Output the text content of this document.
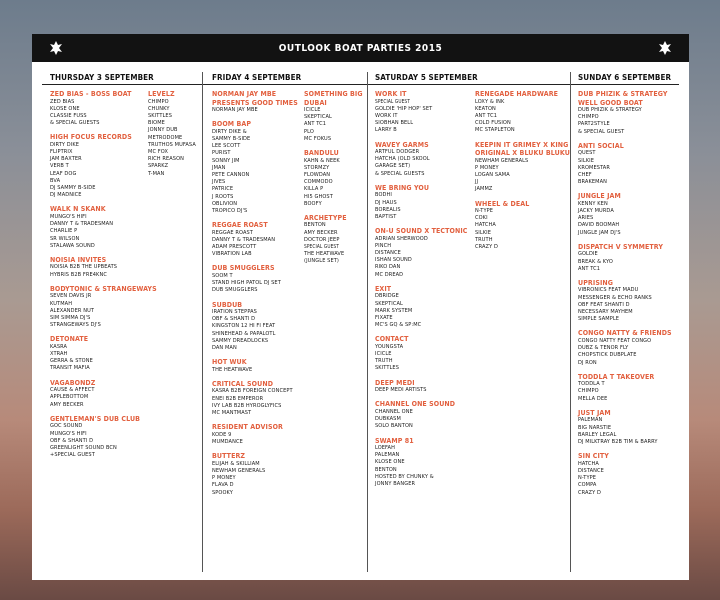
OUTLOOK BOAT PARTIES 2015
THURSDAY 3 SEPTEMBER	FRIDAY 4 SEPTEMBER	SATURDAY 5 SEPTEMBER	SUNDAY 6 SEPTEMBER
ZED BIAS - BOSS BOAT
ZED BIAS
KLOSE ONE
CLASSIE FUSS
& SPECIAL GUESTS
HIGH FOCUS RECORDS
DIRTY DIKE
FLIPTRIX
JAM BAXTER
VERB T
LEAF DOG
BVA
DJ SAMMY B-SIDE
DJ MADNICE
WALK N SKANK
MUNGO'S HIFI
DANNY T & TRADESMAN
CHARLIE P
SR WILSON
STALAWA SOUND
NOISIA INVITES
NOISIA B2B THE UPBEATS
HYBRIS B2B FRE4KNC
BODYTONIC & STRANGEWAYS
SEVEN DAVIS JR
KUTMAH
ALEXANDER NUT
SIM SIMMA DJ'S
STRANGEWAYS DJ'S
DETONATE
KASRA
XTRAH
GERRA & STONE
TRANSIT MAFIA
VAGABONDZ
CAUSE & AFFECT
APPLEBOTTOM
AMY BECKER
GENTLEMAN'S DUB CLUB
GOC SOUND
MUNGO'S HIFI
OBF & SHANTI D
GREENLIGHT SOUND BCN
+SPECIAL GUEST
LEVELZ
CHIMPO
CHUNKY
SKITTLES
BIOME
JONNY DUB
METRODOME
TRUTHOS MUFASA
MC FOX
RICH REASON
SPARKZ
T-MAN
NORMAN JAY MBE
PRESENTS GOOD TIMES
NORMAN JAY MBE
BOOM BAP
DIRTY DIKE &
SAMMY B-SIDE
LEE SCOTT
PURIST
SONNY JIM
JMAN
PETE CANNON
JIVES
PATRICE
J ROOTS
OBLIVION
TROPICO DJ'S
REGGAE ROAST
REGGAE ROAST
DANNY T & TRADESMAN
ADAM PRESCOTT
VIBRATION LAB
DUB SMUGGLERS
SOOM T
STAND HIGH PATOL DJ SET
DUB SMUGGLERS
SUBDUB
IRATION STEPPAS
OBF & SHANTI D
KINGSTON 12 HI FI FEAT
SHINEHEAD & PAPALOTL
SAMMY DREADLOCKS
DAN MAN
HOT WUK
THE HEATWAVE
CRITICAL SOUND
KASRA B2B FOREIGN CONCEPT
ENEI B2B EMPEROR
IVY LAB B2B HYROGLYFICS
MC MANTMAST
RESIDENT ADVISOR
KODE 9
MUMDANCE
BUTTERZ
ELIJAH & SKILLIAM
NEWHAM GENERALS
P MONEY
FLAVA D
SPOOKY
SOMETHING BIG
DUBAI
ICICLE
SKEPTICAL
ANT TC1
PLO
MC FOKUS
BANDULU
KAHN & NEEK
STORMZY
FLOWDAN
COMMODO
KILLA P
HI5 GHOST
BOOFY
ARCHETYPE
BENTON
AMY BECKER
DOCTOR JEEP
SPECIAL GUEST
THE HEATWAVE
(JUNGLE SET)
WORK IT
SPECIAL GUEST
GOLDIE 'HIP HOP' SET
WORK IT
SIOBHAN BELL
LARRY B
WAVEY GARMS
ARTFUL DODGER
HATCHA (OLD SKOOL
GARAGE SET)
& SPECIAL GUESTS
WE BRING YOU
BODHI
DJ HAUS
BOREALIS
BAPTIST
ON-U SOUND X TECTONIC
ADRIAN SHERWOOD
PINCH
DISTANCE
ISHAN SOUND
RIKO DAN
MC DREAD
EXIT
DBRIDGE
SKEPTICAL
MARK SYSTEM
FIXATE
MC'S GQ & SP:MC
CONTACT
YOUNGSTA
ICICLE
TRUTH
SKITTLES
DEEP MEDI
DEEP MEDI ARTISTS
CHANNEL ONE SOUND
CHANNEL ONE
DUBKASM
SOLO BANTON
SWAMP 81
LOEFAH
PALEMAN
KLOSE ONE
BENTON
HOSTED BY CHUNKY &
JONNY BANGER
RENEGADE HARDWARE
LOXY & INK
KEATON
ANT TC1
COLD FUSION
MC STAPLETON
KEEPIN IT GRIMEY X KING
ORIGINAL X BLUKU BLUKU
NEWHAM GENERALS
P MONEY
LOGAN SAMA
JJ
JAMMZ
WHEEL & DEAL
N-TYPE
COKI
HATCHA
SILKIE
TRUTH
CRAZY D
DUB PHIZIK & STRATEGY
WELL GOOD BOAT
DUB PHIZIK & STRATEGY
CHIMPO
PART2STYLE
& SPECIAL GUEST
ANTI SOCIAL
QUEST
SILKIE
KROMESTAR
CHEF
BRAKEMAN
JUNGLE JAM
KENNY KEN
JACKY MURDA
ARIES
DAVID BOOMAH
JUNGLE JAM DJ'S
DISPATCH V SYMMETRY
GOLDIE
BREAK & KYO
ANT TC1
UPRISING
VIBRONICS FEAT MADU
MESSENGER & ECHO RANKS
OBF FEAT SHANTI D
NECESSARY MAYHEM
SIMPLE SAMPLE
CONGO NATTY & FRIENDS
CONGO NATTY FEAT CONGO
DUBZ & TENOR FLY
CHOPSTICK DUBPLATE
DJ RON
TODDLA T TAKEOVER
TODDLA T
CHIMPO
MELLA DEE
JUST JAM
PALEMAN
BIG NARSTIE
BARLEY LEGAL
DJ MILKTRAY B2B TIM & BARRY
SIN CITY
HATCHA
DISTANCE
N-TYPE
COMPA
CRAZY D
